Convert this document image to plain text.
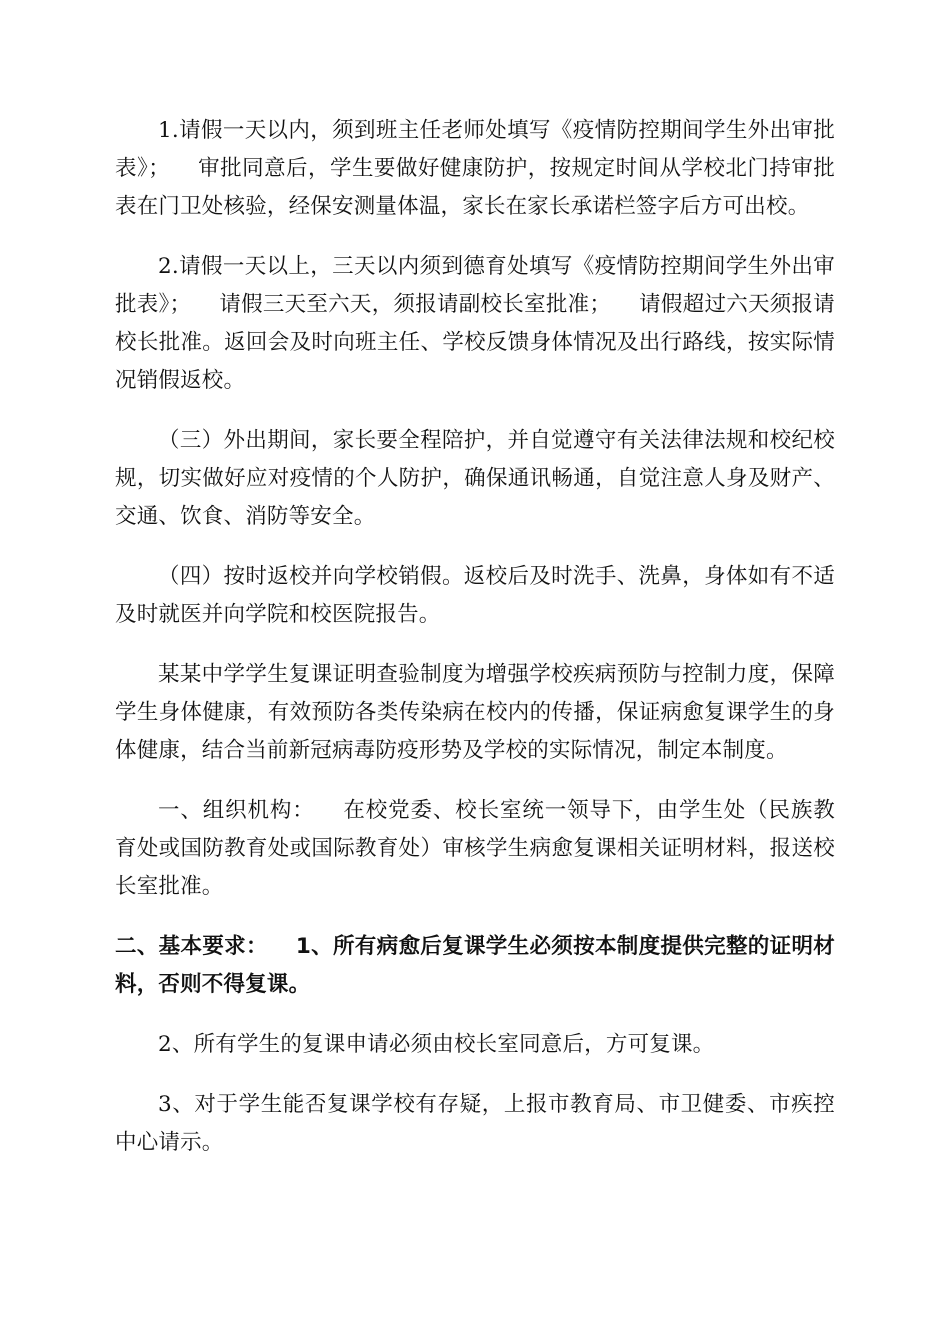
1.请假一天以内，须到班主任老师处填写《疫情防控期间学生外出审批表》； 审批同意后，学生要做好健康防护，按规定时间从学校北门持审批表在门卫处核验，经保安测量体温，家长在家长承诺栏签字后方可出校。

2.请假一天以上，三天以内须到德育处填写《疫情防控期间学生外出审批表》； 请假三天至六天，须报请副校长室批准； 请假超过六天须报请校长批准。返回会及时向班主任、学校反馈身体情况及出行路线，按实际情况销假返校。

（三）外出期间，家长要全程陪护，并自觉遵守有关法律法规和校纪校规，切实做好应对疫情的个人防护，确保通讯畅通，自觉注意人身及财产、交通、饮食、消防等安全。

（四）按时返校并向学校销假。返校后及时洗手、洗鼻，身体如有不适及时就医并向学院和校医院报告。

某某中学学生复课证明查验制度为增强学校疾病预防与控制力度，保障学生身体健康，有效预防各类传染病在校内的传播，保证病愈复课学生的身体健康，结合当前新冠病毒防疫形势及学校的实际情况，制定本制度。

一、组织机构： 在校党委、校长室统一领导下，由学生处（民族教育处或国防教育处或国际教育处）审核学生病愈复课相关证明材料，报送校长室批准。

二、基本要求： 1、所有病愈后复课学生必须按本制度提供完整的证明材料，否则不得复课。

2、所有学生的复课申请必须由校长室同意后，方可复课。

3、对于学生能否复课学校有存疑，上报市教育局、市卫健委、市疾控中心请示。
